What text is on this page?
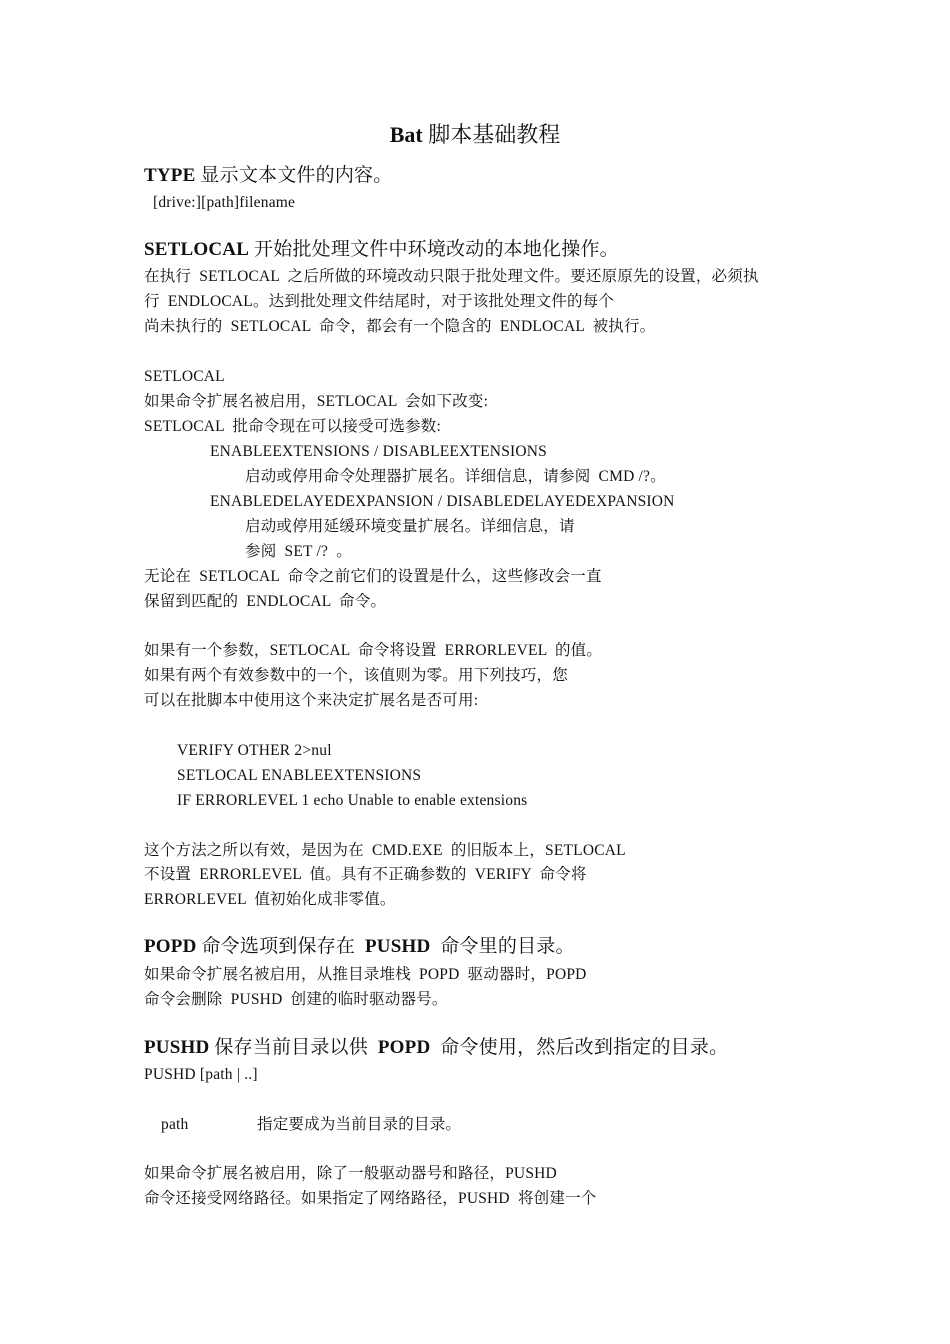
Bat 脚本基础教程
TYPE 显示文本文件的内容。
[drive:][path]filename
SETLOCAL 开始批处理文件中环境改动的本地化操作。
在执行  SETLOCAL  之后所做的环境改动只限于批处理文件。要还原原先的设置，必须执
行  ENDLOCAL。达到批处理文件结尾时，对于该批处理文件的每个
尚未执行的  SETLOCAL  命令，都会有一个隐含的  ENDLOCAL  被执行。
SETLOCAL
如果命令扩展名被启用，SETLOCAL  会如下改变:
SETLOCAL  批命令现在可以接受可选参数:
ENABLEEXTENSIONS / DISABLEEXTENSIONS
启动或停用命令处理器扩展名。详细信息，请参阅  CMD /?。
ENABLEDELAYEDEXPANSION / DISABLEDELAYEDEXPANSION
启动或停用延缓环境变量扩展名。详细信息，请
参阅  SET /?  。
无论在  SETLOCAL  命令之前它们的设置是什么，这些修改会一直
保留到匹配的  ENDLOCAL  命令。
如果有一个参数，SETLOCAL  命令将设置  ERRORLEVEL  的值。
如果有两个有效参数中的一个，该值则为零。用下列技巧，您
可以在批脚本中使用这个来决定扩展名是否可用:
VERIFY OTHER 2>nul
SETLOCAL ENABLEEXTENSIONS
IF ERRORLEVEL 1 echo Unable to enable extensions
这个方法之所以有效，是因为在  CMD.EXE  的旧版本上，SETLOCAL
不设置  ERRORLEVEL  值。具有不正确参数的  VERIFY  命令将
ERRORLEVEL  值初始化成非零值。
POPD 命令选项到保存在  PUSHD  命令里的目录。
如果命令扩展名被启用，从推目录堆栈  POPD  驱动器时，POPD
命令会删除  PUSHD  创建的临时驱动器号。
PUSHD 保存当前目录以供  POPD  命令使用，然后改到指定的目录。
PUSHD [path | ..]
path	指定要成为当前目录的目录。
如果命令扩展名被启用，除了一般驱动器号和路径，PUSHD
命令还接受网络路径。如果指定了网络路径，PUSHD  将创建一个
